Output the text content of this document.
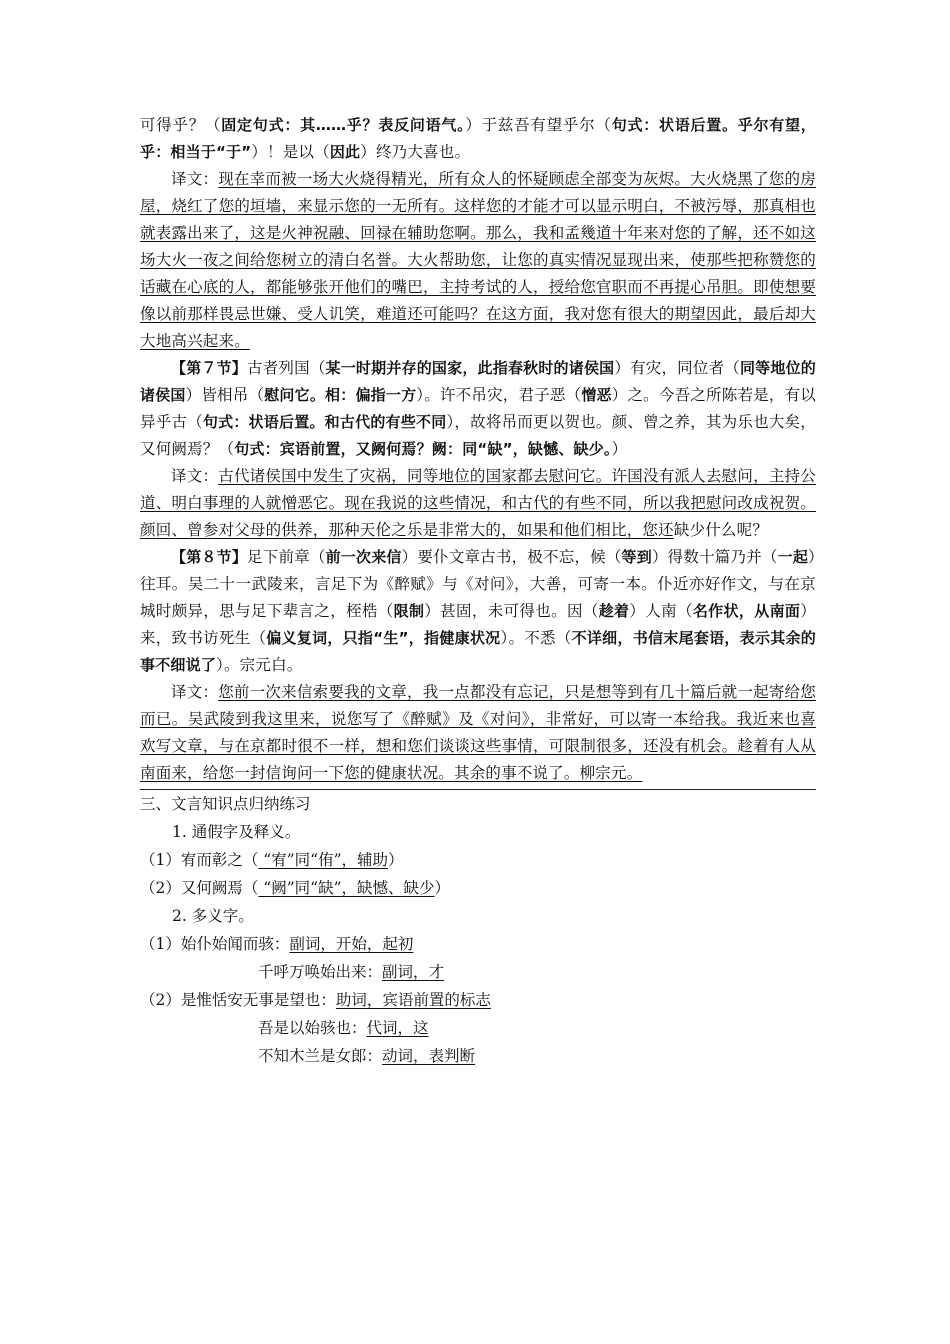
可得乎？（固定句式：其……乎？表反问语气。）于兹吾有望乎尔（句式：状语后置。乎尔有望，乎：相当于“于”）！是以（因此）终乃大喜也。

译文：现在幸而被一场大火烧得精光，所有众人的怀疑顾虑全部变为灰烬。大火烧黑了您的房屋，烧红了您的垣墙，来显示您的一无所有。这样您的才能才可以显示明白，不被污辱，那真相也就表露出来了，这是火神祝融、回禄在辅助您啊。那么，我和孟幾道十年来对您的了解，还不如这场大火一夜之间给您树立的清白名誉。大火帮助您，让您的真实情况显现出来，使那些把称赞您的话藏在心底的人，都能够张开他们的嘴巴，主持考试的人，授给您官职而不再提心吊胆。即使想要像以前那样畏忌世嫌、受人讥笑，难道还可能吗？在这方面，我对您有很大的期望因此，最后却大大地高兴起来。

【第７节】古者列国（某一时期并存的国家，此指春秋时的诸侯国）有灾，同位者（同等地位的诸侯国）皆相吊（慰问它。相：偏指一方）。许不吊灾，君子恶（憎恶）之。今吾之所陈若是，有以异乎古（句式：状语后置。和古代的有些不同），故将吊而更以贺也。颜、曾之养，其为乐也大矣，又何阙焉？（句式：宾语前置，又阙何焉？阙：同“缺”，缺憾、缺少。）

译文：古代诸侯国中发生了灾祸，同等地位的国家都去慰问它。许国没有派人去慰问，主持公道、明白事理的人就憎恶它。现在我说的这些情况，和古代的有些不同，所以我把慰问改成祝贺。颜回、曾参对父母的供养，那种天伦之乐是非常大的，如果和他们相比，您还缺少什么呢？

【第８节】足下前章（前一次来信）要仆文章古书，极不忘，候（等到）得数十篇乃并（一起）往耳。吴二十一武陵来，言足下为《醉赋》与《对问》，大善，可寄一本。仆近亦好作文，与在京城时颇异，思与足下辈言之，桎梏（限制）甚固，未可得也。因（趁着）人南（名作状，从南面）来，致书访死生（偏义复词，只指“生”，指健康状况）。不悉（不详细，书信末尾套语，表示其余的事不细说了）。宗元白。

译文：您前一次来信索要我的文章，我一点都没有忘记，只是想等到有几十篇后就一起寄给您而已。吴武陵到我这里来，说您写了《醉赋》及《对问》，非常好，可以寄一本给我。我近来也喜欢写文章，与在京都时很不一样，想和您们谈谈这些事情，可限制很多，还没有机会。趁着有人从南面来，给您一封信询问一下您的健康状况。其余的事不说了。柳宗元。

三、文言知识点归纳练习

1. 通假字及释义。

（1）宥而彰之（ “宥”同“侑”，辅助）

（2）又何阙焉（ “阙”同“缺”，缺憾、缺少）

2. 多义字。

（1）始仆始闻而骇：副词，开始，起初

千呼万唤始出来：副词，才

（2）是惟恬安无事是望也：助词，宾语前置的标志

吾是以始骇也：代词，这

不知木兰是女郎：动词，表判断
